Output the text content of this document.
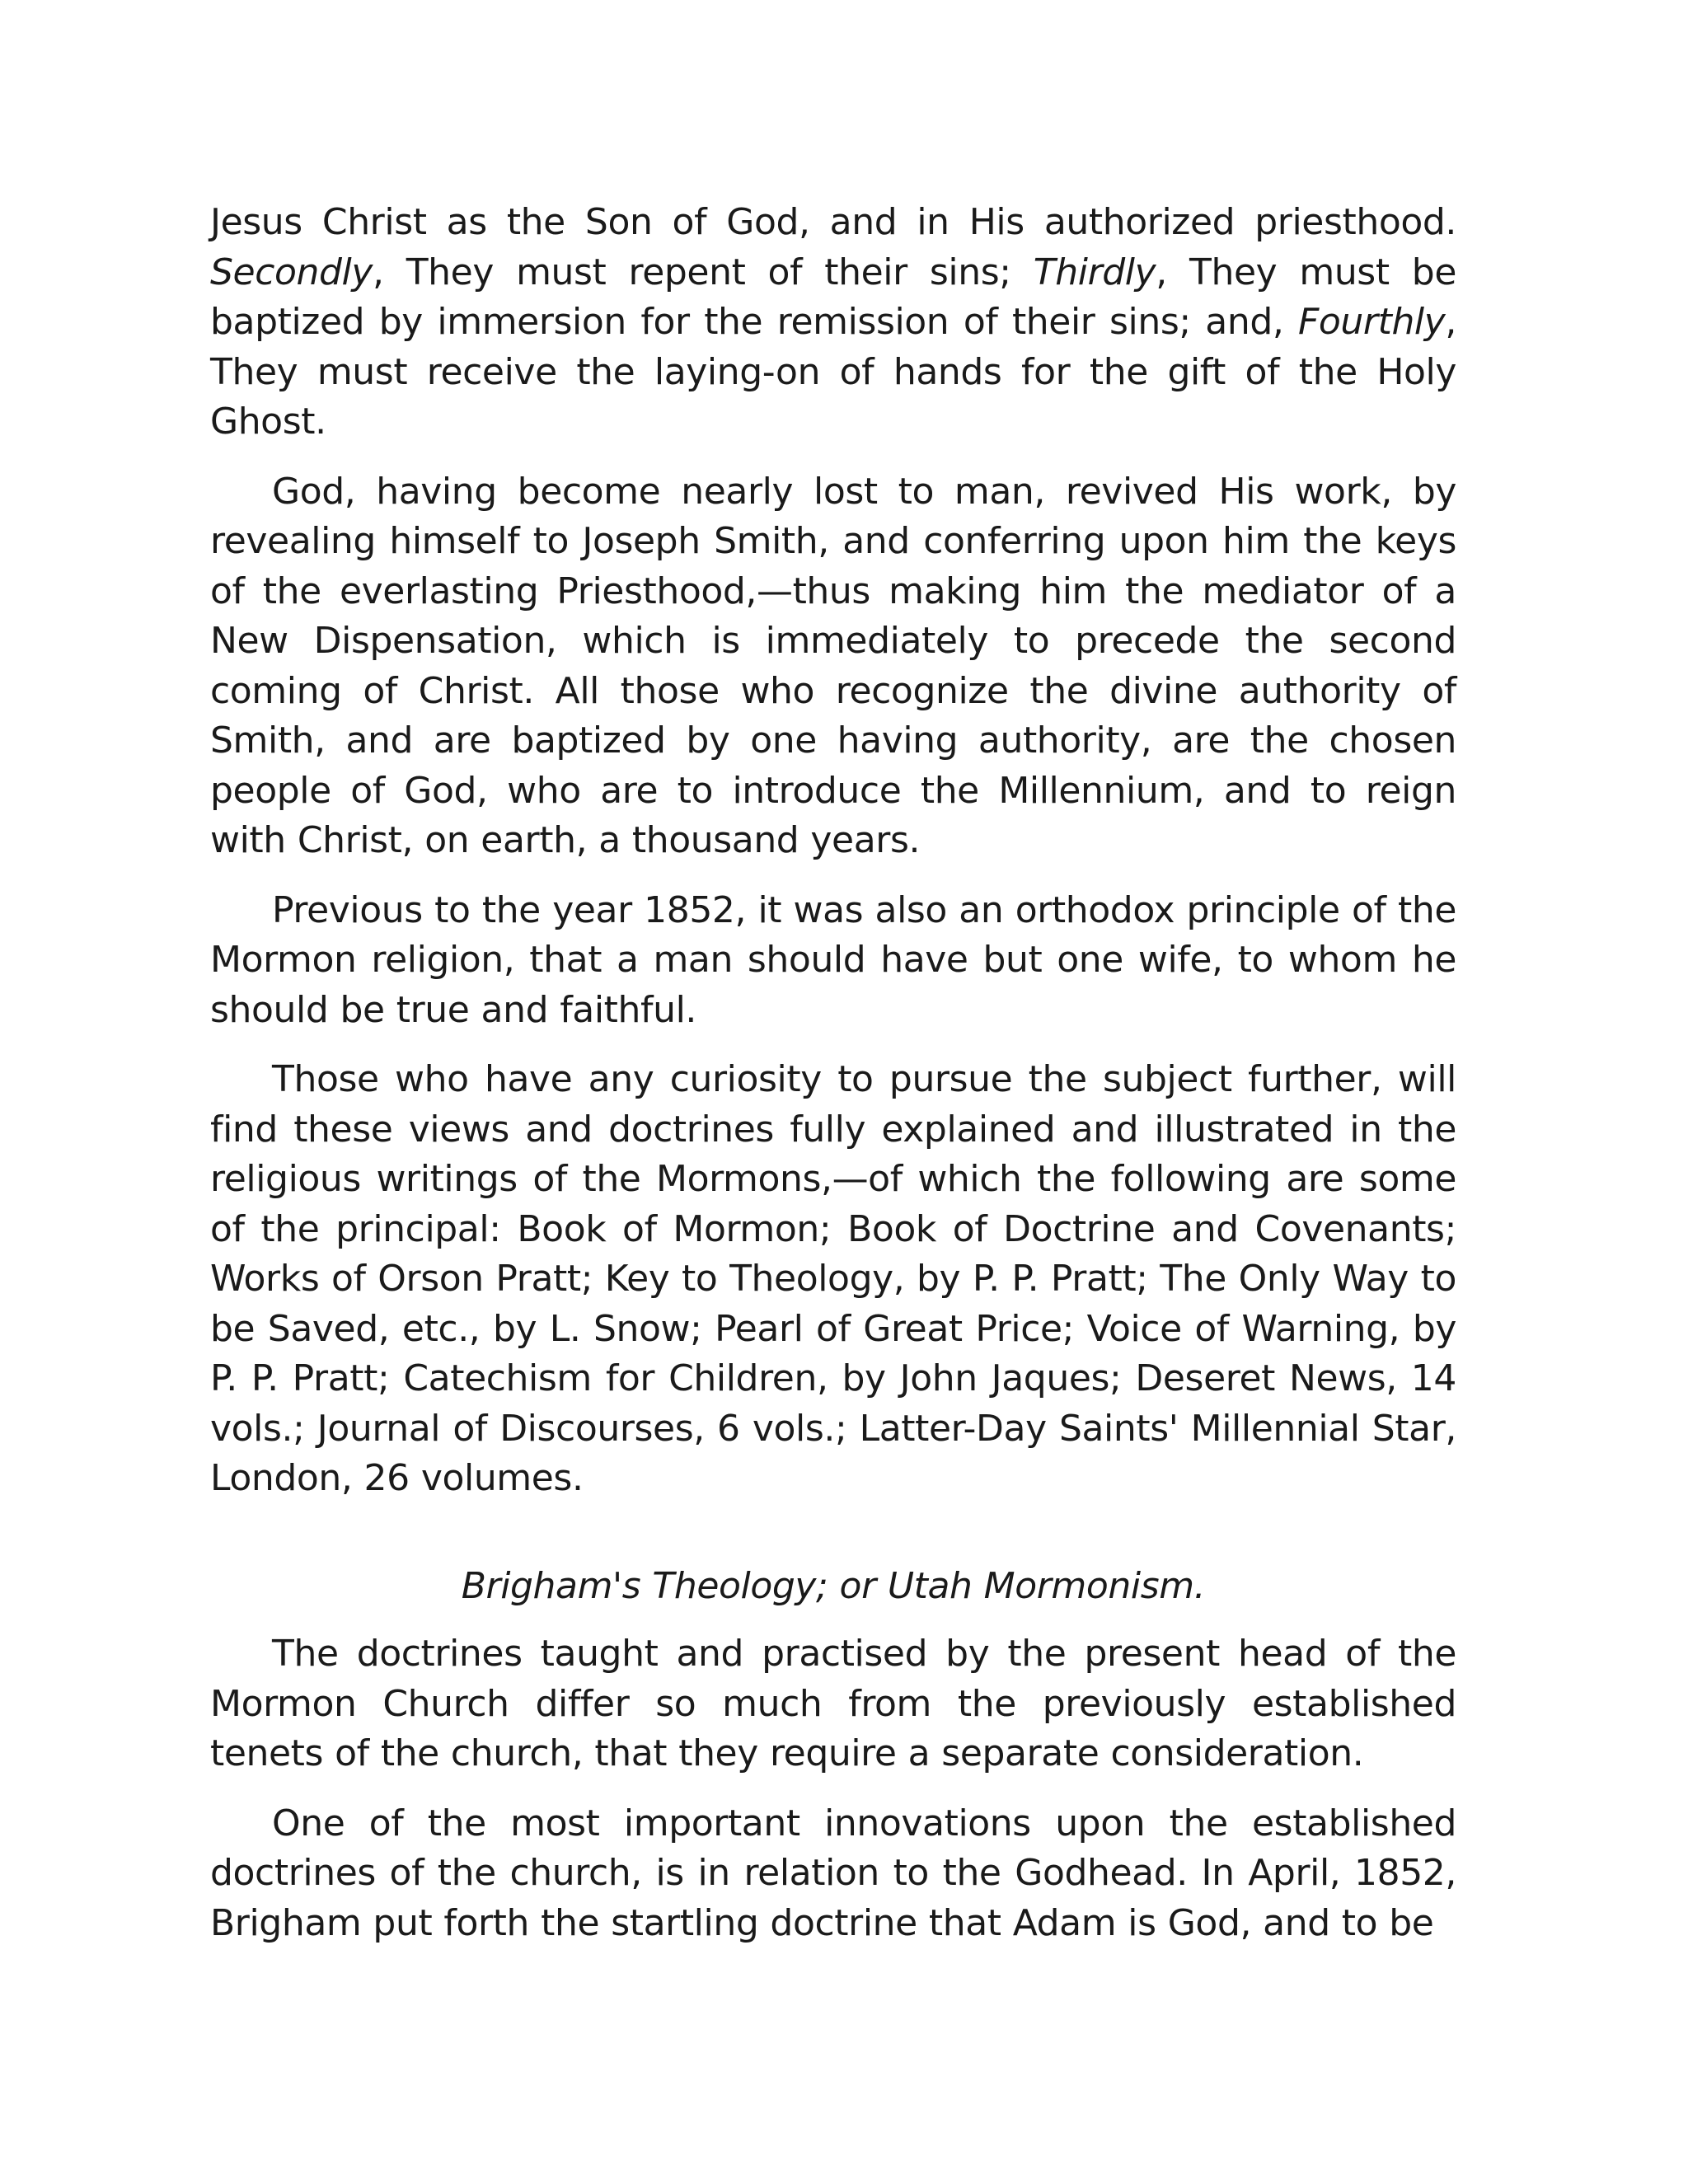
Jesus Christ as the Son of God, and in His authorized priesthood. Secondly, They must repent of their sins; Thirdly, They must be baptized by immersion for the remission of their sins; and, Fourthly, They must receive the laying-on of hands for the gift of the Holy Ghost.

God, having become nearly lost to man, revived His work, by revealing himself to Joseph Smith, and conferring upon him the keys of the everlasting Priesthood,—thus making him the mediator of a New Dispensation, which is immediately to precede the second coming of Christ. All those who recognize the divine authority of Smith, and are baptized by one having authority, are the chosen people of God, who are to introduce the Millennium, and to reign with Christ, on earth, a thousand years.

Previous to the year 1852, it was also an orthodox principle of the Mormon religion, that a man should have but one wife, to whom he should be true and faithful.

Those who have any curiosity to pursue the subject further, will find these views and doctrines fully explained and illustrated in the religious writings of the Mormons,—of which the following are some of the principal: Book of Mormon; Book of Doctrine and Covenants; Works of Orson Pratt; Key to Theology, by P. P. Pratt; The Only Way to be Saved, etc., by L. Snow; Pearl of Great Price; Voice of Warning, by P. P. Pratt; Catechism for Children, by John Jaques; Deseret News, 14 vols.; Journal of Discourses, 6 vols.; Latter-Day Saints' Millennial Star, London, 26 volumes.

Brigham's Theology; or Utah Mormonism.

The doctrines taught and practised by the present head of the Mormon Church differ so much from the previously established tenets of the church, that they require a separate consideration.

One of the most important innovations upon the established doctrines of the church, is in relation to the Godhead. In April, 1852, Brigham put forth the startling doctrine that Adam is God, and to be
